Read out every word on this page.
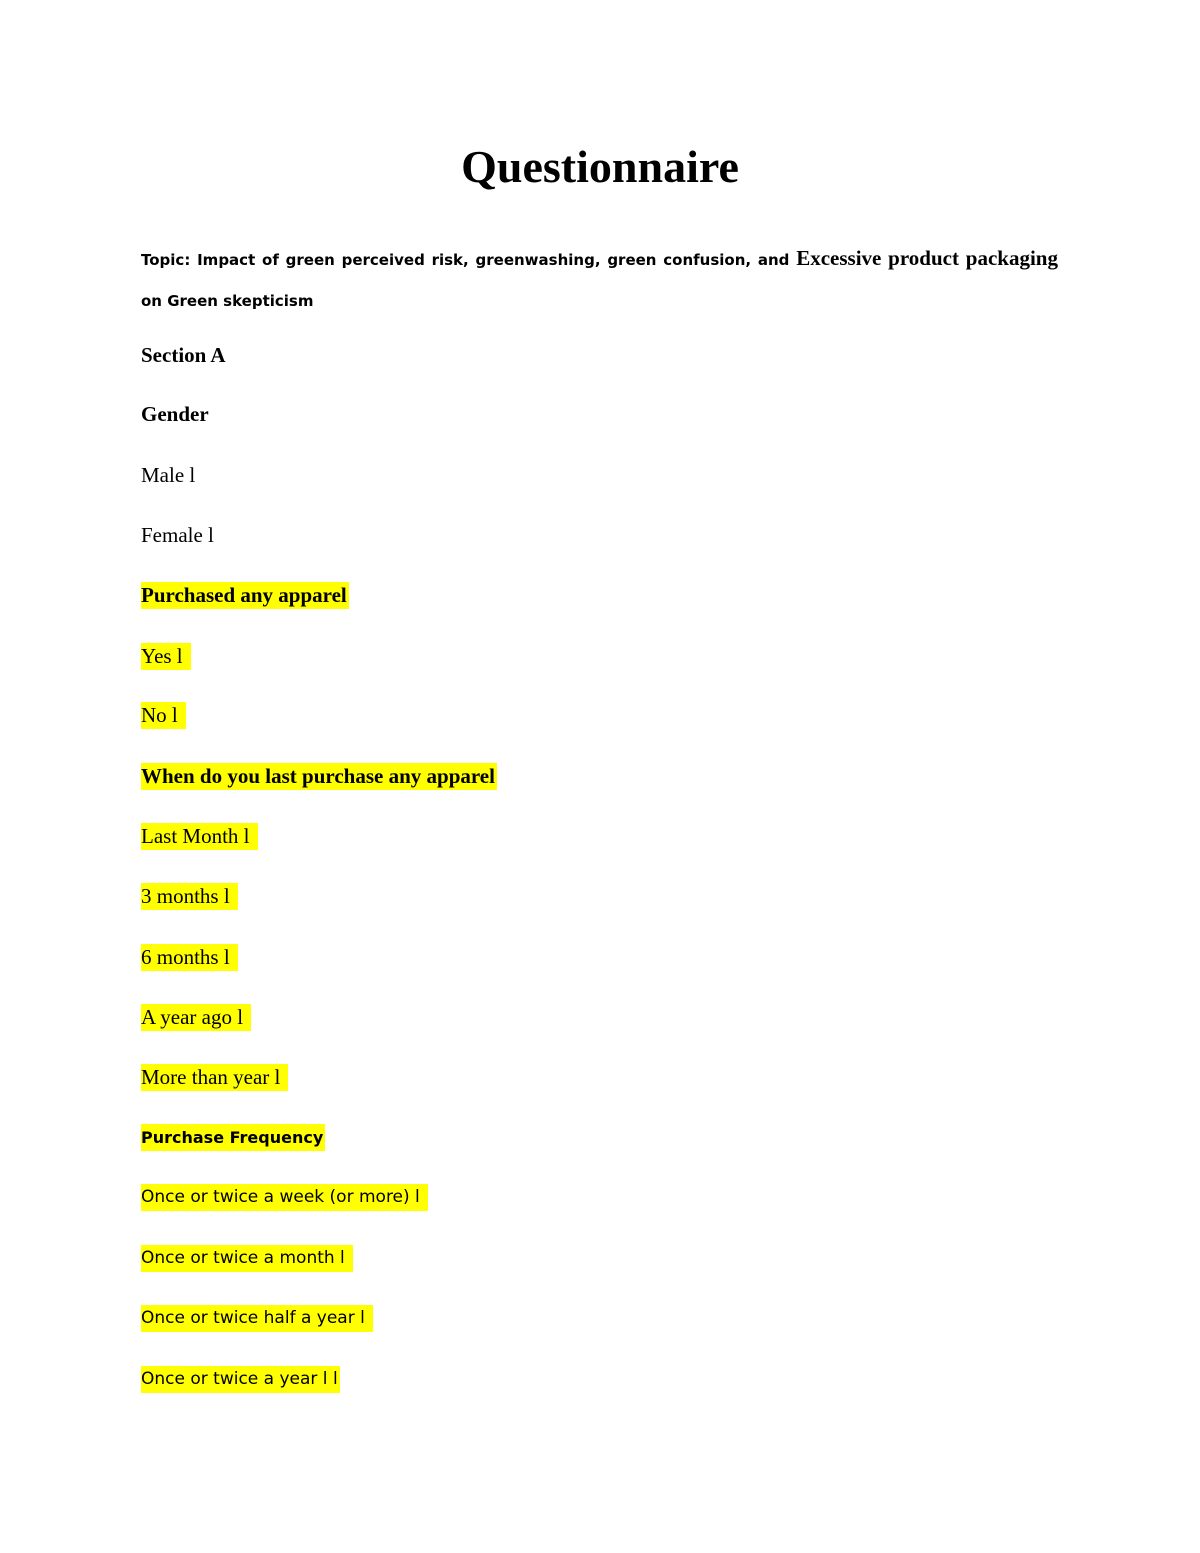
Questionnaire
Topic: Impact of green perceived risk, greenwashing, green confusion, and Excessive product packaging on Green skepticism
Section A
Gender
Male l
Female l
Purchased any apparel
Yes l
No l
When do you last purchase any apparel
Last Month l
3 months l
6 months l
A year ago l
More than year l
Purchase Frequency
Once or twice a week (or more) l
Once or twice a month l
Once or twice half a year l
Once or twice a year l l
